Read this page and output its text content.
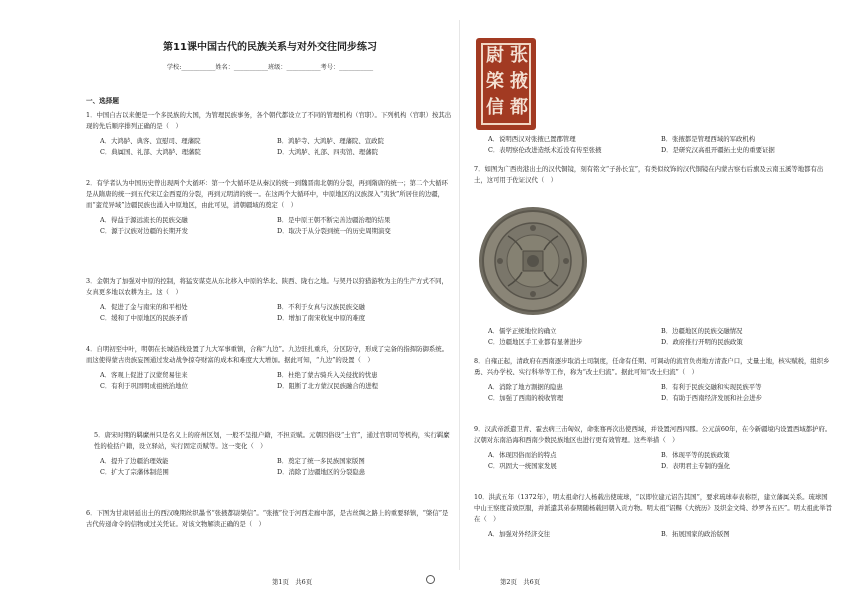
第11课中国古代的民族关系与对外交往同步练习
学校:___________姓名：___________班级：___________考号：___________
一、选择题

1．中国自古以来便是一个多民族的大国，为管理民族事务，各个朝代都设立了不同的管理机构（官职）。下列机构（官职）按其出现的先后顺序排列正确的是（　）

A．大鸿胪、典客、宣慰司、理藩院	B．鸿胪寺、大鸿胪、理藩院、宣政院
C．典属国、礼部、大鸿胪、理藩院	D．大鸿胪、礼部、四夷馆、理藩院

2．有学者认为中国历史曾出现两个大循环：第一个大循环是从秦汉的统一到魏晋南北朝的分裂，再到隋唐的统一；第二个大循环是从隋唐的统一到五代宋辽金西夏的分裂，再到元明清的统一。在这两个大循环中，中原地区的汉族深入“夷狄”所居住的边疆，而“蛮荒异域”边疆民族也涌入中原地区，由此可见，清朝疆域的奠定（　）

A．得益于源远流长的民族交融	B．是中原王朝不断完善边疆治理的结果
C．源于汉族对边疆的长期开发	D．取决于从分裂到统一的历史周期演变

3．金朝为了加强对中原的控制，将猛安谋克从东北移入中原的华北、陕西、陇右之地。与契丹以狩猎游牧为主的生产方式不同，女真更多地以农耕为主。这（　）

A．促进了金与南宋的和平相处	B．不利于女真与汉族民族交融
C．缓和了中原地区的民族矛盾	D．增加了南宋收复中原的难度

4．自明初至中叶，明朝在长城沿线设置了九大军事重镇，合称“九边”。九边驻扎重兵，分区防守，形成了完备的指挥防御系统。而这使得蒙古贵族妄图通过发动战争掠夺财富的成本和难度大大增加。据此可知，“九边”的设置（　）

A．客观上促进了汉蒙贸易往来	B．杜绝了蒙古骑兵入关侵扰的忧患
C．有利于巩固明成祖统治地位	D．阻断了北方蒙汉民族融合的进程

5．唐宋时期的羁縻州只是名义上的府州区划，一般不呈报户籍，不担贡赋。元朝因俗设“土官”，通过官职司等机构，实行羁縻性的检括户籍，设立驿站，实行固定贡赋等。这一变化（　）

A．提升了边疆治理效能	B．奠定了统一多民族国家版图
C．扩大了宗藩体制范围	D．消除了边疆地区的分裂隐患

6．下图为甘肃居延出土的西汉晚期丝织墨书“张掖都尉棨信”。“张掖”位于河西走廊中部，是古丝绸之路上的重要驿镇，“棨信”是古代传递命令的信物或过关凭证。对该文物解读正确的是（　）

第1页　共6页
张
掖
都
尉
棨
信
A．说明西汉对张掖已置郡管理	B．张掖都是管理西域的军政机构
C．表明察伦改进造纸术近没有传至张掖	D．是研究汉高祖开疆拓土史的重要证据

7．如图为广西贵港出土的汉代铜镜，刻有铭文“子孙长宜”，有类似纹饰的汉代铜镜在内蒙古察右后旗及云南玉溪等地都有出土，这可用于佐证汉代（　）

A．儒学正统地位的确立	B．边疆地区的民族交融情况
C．边疆地区手工业都有显著进步	D．政府推行开明的民族政策

8．自雍正起，清政府在西南逐步取消土司制度，任命有任期、可调动的流官负责地方清查户口，丈量土地，核实赋税，组织乡勇、兴办学校、实行科举等工作，称为“改土归流”。据此可知“改土归流”（　）

A．消除了地方割据的隐患	B．有利于民族交融和实现民族平等
C．加强了西南的税收管理	D．有助于西南经济发展和社会进步

9．汉武帝派遣卫青、霍去病三击匈奴，命张骞再次出使西域，并设置河西四郡。公元前60年，在今新疆境内设置西域都护府。汉朝对东南沿海和西南少数民族地区也进行更有效管理。这些举措（　）

A．体现因俗而治的特点	B．体现平等的民族政策
C．巩固大一统国家发展	D．表明君主专制的强化

10．洪武五年（1372年），明太祖命行人杨载出使琉球，“以即位建元诏告其国”，要求琉球奉表称臣，建立藩属关系。琉球国中山王察度首致臣服，并派遣其弟泰期随杨载回朝入贡方物。明太祖“诏赐《大统历》及织金文绮、纱罗各五匹”。明太祖此举旨在（　）

A．加强对外经济交往	B．拓展国家的政治版图
第2页　共6页
